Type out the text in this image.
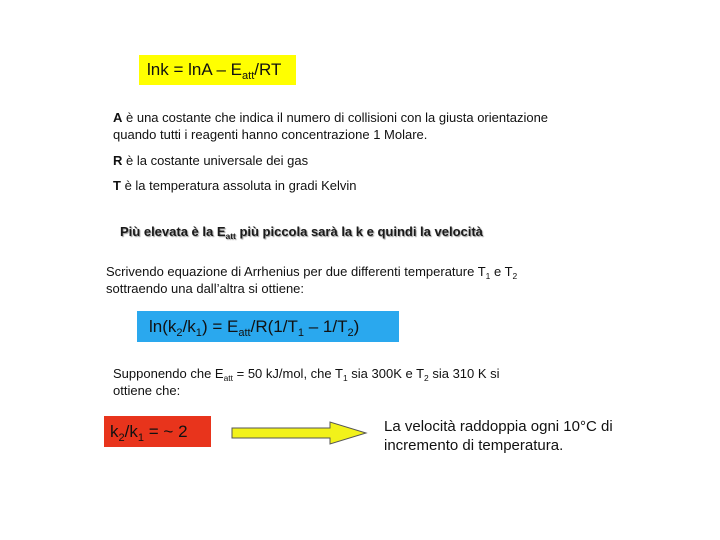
$\ln k = \ln A - E_{att}/RT$
A è una costante che indica il numero di collisioni con la giusta orientazione
quando tutti i reagenti hanno concentrazione 1 Molare.
R è la costante universale dei gas
T è la temperatura assoluta in gradi Kelvin
Più elevata è la $E_{att}$ più piccola sarà la k e quindi la velocità
Scrivendo equazione di Arrhenius per due differenti temperature $T_1$ e $T_2$
sottraendo una dall’altra si ottiene:
$\ln(k_2/k_1) = E_{att}/R(1/T_1 - 1/T_2)$
Supponendo che $E_{att} = 50$ kJ/mol, che $T_1$ sia 300K e $T_2$ sia 310 K si
ottiene che:
$k_2/k_1$ = ~ 2	La velocità raddoppia ogni 10°C di
incremento di temperatura.
